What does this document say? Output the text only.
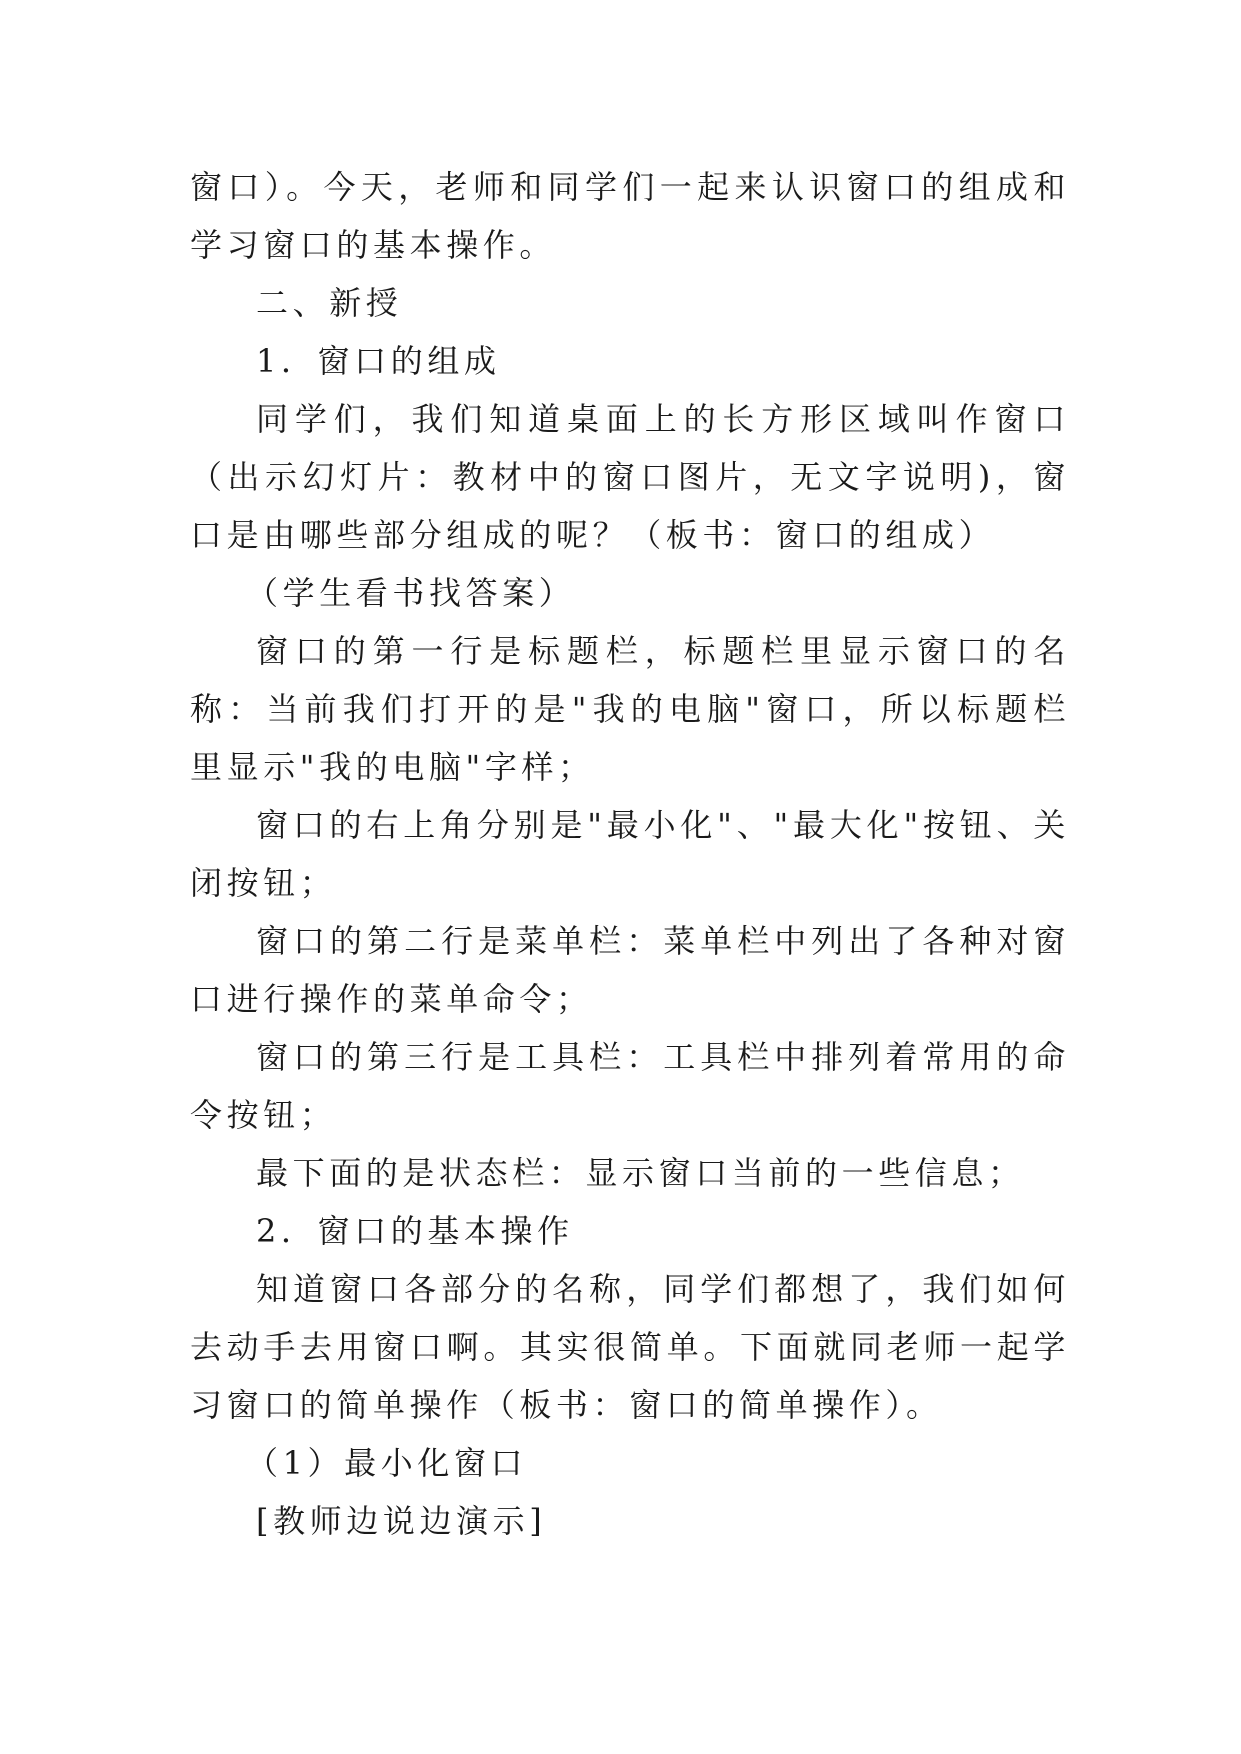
窗口）。今天，老师和同学们一起来认识窗口的组成和学习窗口的基本操作。

二、新授

1．窗口的组成

同学们，我们知道桌面上的长方形区域叫作窗口（出示幻灯片：教材中的窗口图片，无文字说明)，窗口是由哪些部分组成的呢？（板书：窗口的组成）

（学生看书找答案）

窗口的第一行是标题栏，标题栏里显示窗口的名称：当前我们打开的是"我的电脑"窗口，所以标题栏里显示"我的电脑"字样；

窗口的右上角分别是"最小化"、"最大化"按钮、关闭按钮；

窗口的第二行是菜单栏：菜单栏中列出了各种对窗口进行操作的菜单命令；

窗口的第三行是工具栏：工具栏中排列着常用的命令按钮；

最下面的是状态栏：显示窗口当前的一些信息；

2．窗口的基本操作

知道窗口各部分的名称，同学们都想了，我们如何去动手去用窗口啊。其实很简单。下面就同老师一起学习窗口的简单操作（板书：窗口的简单操作）。

（1）最小化窗口

[教师边说边演示]
